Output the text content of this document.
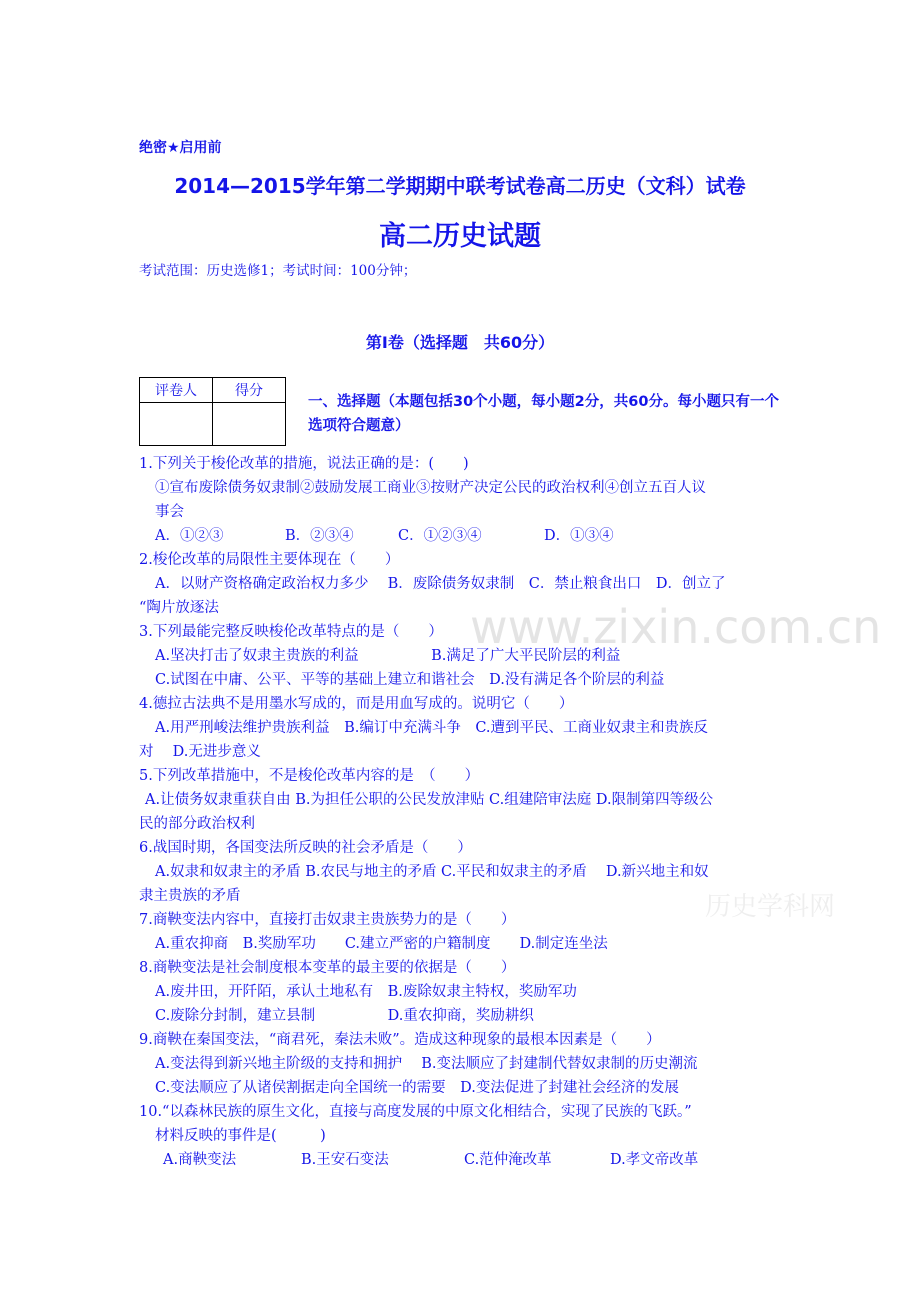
www.zixin.com.cn
历史学科网
绝密★启用前
2014—2015学年第二学期期中联考试卷高二历史（文科）试卷
高二历史试题
考试范围：历史选修1；考试时间：100分钟；
第Ⅰ卷（选择题　共60分）
评卷人	得分

一、选择题（本题包括30个小题，每小题2分，共60分。每小题只有一个选项符合题意）
1.下列关于梭伦改革的措施，说法正确的是：(　　)
①宣布废除债务奴隶制②鼓励发展工商业③按财产决定公民的政治权利④创立五百人议
事会
A．①②③	B．②③④	C．①②③④	D．①③④
2.梭伦改革的局限性主要体现在（　　）
A．以财产资格确定政治权力多少　 B．废除债务奴隶制　C．禁止粮食出口　D．创立了
“陶片放逐法
3.下列最能完整反映梭伦改革特点的是（　　）
A.坚决打击了奴隶主贵族的利益　　　　　B.满足了广大平民阶层的利益
C.试图在中庸、公平、平等的基础上建立和谐社会　D.没有满足各个阶层的利益
4.德拉古法典不是用墨水写成的，而是用血写成的。说明它（　　）
A.用严刑峻法维护贵族利益　B.编订中充满斗争　C.遭到平民、工商业奴隶主和贵族反
对　 D.无进步意义
5.下列改革措施中，不是梭伦改革内容的是　（　　）
A.让债务奴隶重获自由 B.为担任公职的公民发放津贴 C.组建陪审法庭 D.限制第四等级公
民的部分政治权利
6.战国时期，各国变法所反映的社会矛盾是（　　）
A.奴隶和奴隶主的矛盾 B.农民与地主的矛盾 C.平民和奴隶主的矛盾　 D.新兴地主和奴
隶主贵族的矛盾
7.商鞅变法内容中，直接打击奴隶主贵族势力的是（　　）
A.重农抑商　B.奖励军功　　C.建立严密的户籍制度　　D.制定连坐法
8.商鞅变法是社会制度根本变革的最主要的依据是（　　）
A.废井田，开阡陌，承认土地私有　B.废除奴隶主特权，奖励军功
C.废除分封制，建立县制　　　　　D.重农抑商，奖励耕织
9.商鞅在秦国变法，“商君死，秦法未败”。造成这种现象的最根本因素是（　　）
A.变法得到新兴地主阶级的支持和拥护　 B.变法顺应了封建制代替奴隶制的历史潮流
C.变法顺应了从诸侯割据走向全国统一的需要　D.变法促进了封建社会经济的发展
10.“以森林民族的原生文化，直接与高度发展的中原文化相结合，实现了民族的飞跃。”
材料反映的事件是(　　　)
A.商鞅变法	B.王安石变法	C.范仲淹改革	D.孝文帝改革
